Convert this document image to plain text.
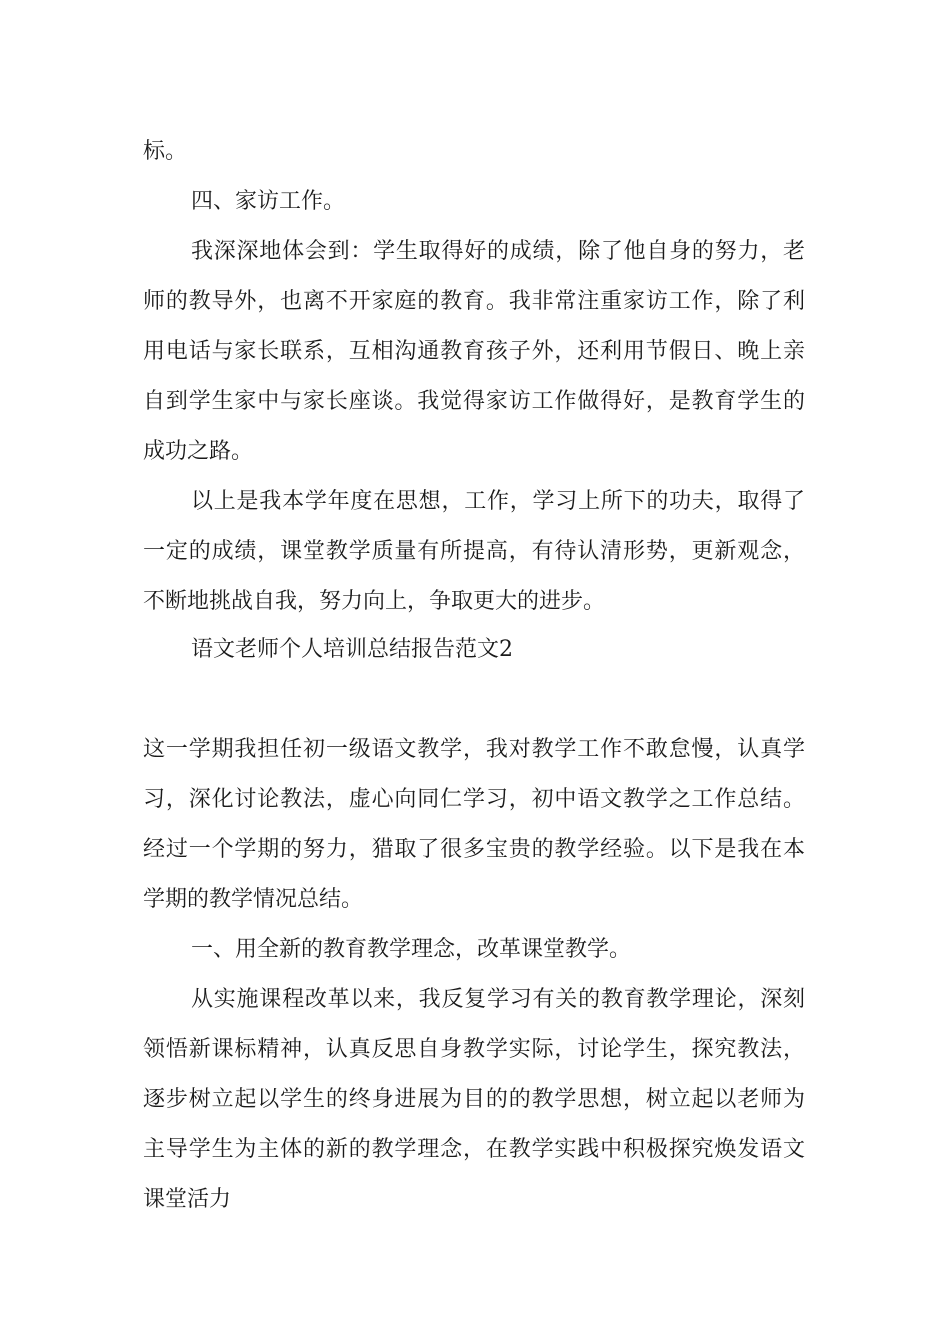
标。

四、家访工作。

我深深地体会到：学生取得好的成绩，除了他自身的努力，老

师的教导外，也离不开家庭的教育。我非常注重家访工作，除了利

用电话与家长联系，互相沟通教育孩子外，还利用节假日、晚上亲

自到学生家中与家长座谈。我觉得家访工作做得好，是教育学生的

成功之路。

以上是我本学年度在思想，工作，学习上所下的功夫，取得了

一定的成绩，课堂教学质量有所提高，有待认清形势，更新观念，

不断地挑战自我，努力向上，争取更大的进步。

语文老师个人培训总结报告范文2

这一学期我担任初一级语文教学，我对教学工作不敢怠慢，认真学

习，深化讨论教法，虚心向同仁学习，初中语文教学之工作总结。

经过一个学期的努力，猎取了很多宝贵的教学经验。以下是我在本

学期的教学情况总结。

一、用全新的教育教学理念，改革课堂教学。

从实施课程改革以来，我反复学习有关的教育教学理论，深刻

领悟新课标精神，认真反思自身教学实际，讨论学生，探究教法，

逐步树立起以学生的终身进展为目的的教学思想，树立起以老师为

主导学生为主体的新的教学理念，在教学实践中积极探究焕发语文

课堂活力
